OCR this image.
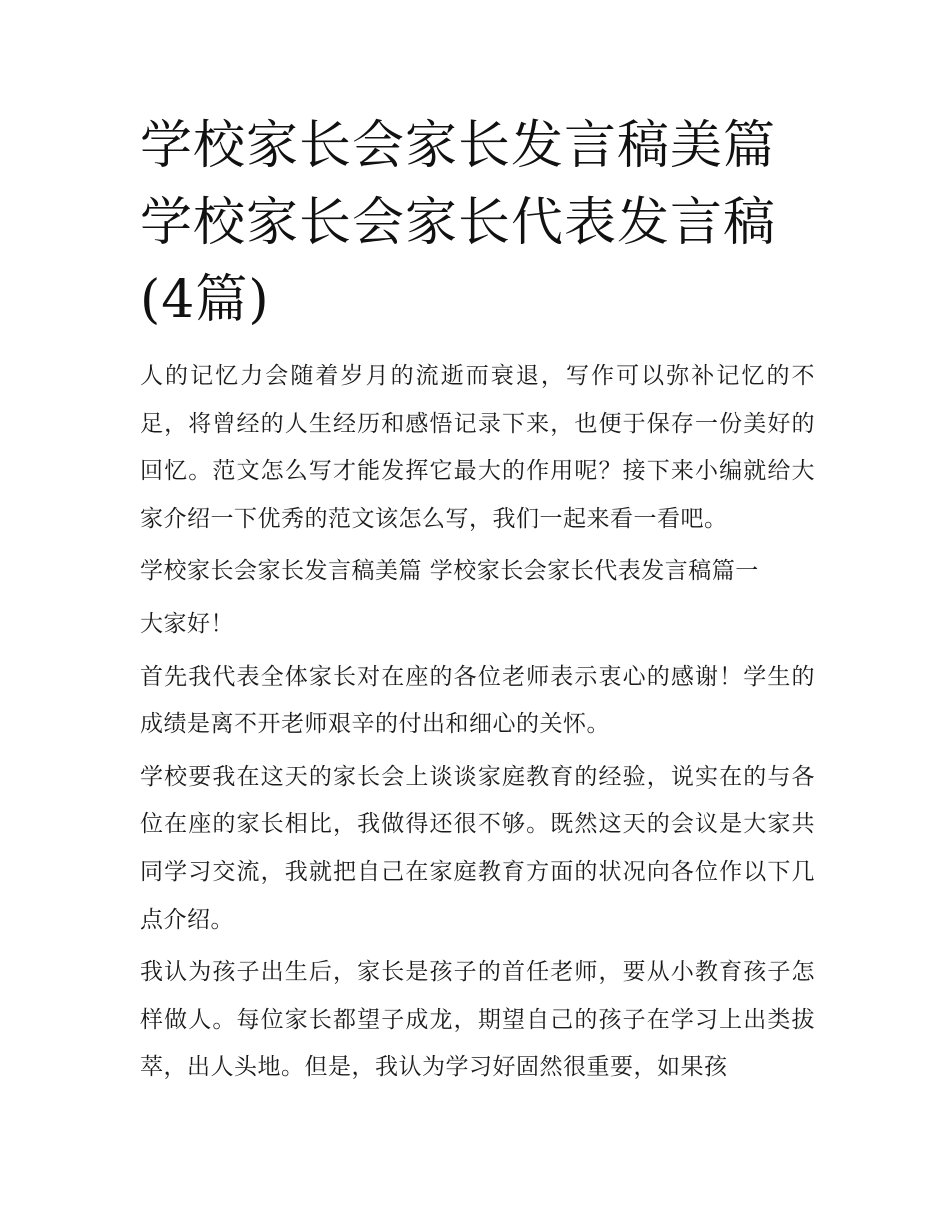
学校家长会家长发言稿美篇 学校家长会家长代表发言稿(4篇)

人的记忆力会随着岁月的流逝而衰退，写作可以弥补记忆的不足，将曾经的人生经历和感悟记录下来，也便于保存一份美好的回忆。范文怎么写才能发挥它最大的作用呢？接下来小编就给大家介绍一下优秀的范文该怎么写，我们一起来看一看吧。

学校家长会家长发言稿美篇 学校家长会家长代表发言稿篇一

大家好！

首先我代表全体家长对在座的各位老师表示衷心的感谢！学生的成绩是离不开老师艰辛的付出和细心的关怀。

学校要我在这天的家长会上谈谈家庭教育的经验，说实在的与各位在座的家长相比，我做得还很不够。既然这天的会议是大家共同学习交流，我就把自己在家庭教育方面的状况向各位作以下几点介绍。

我认为孩子出生后，家长是孩子的首任老师，要从小教育孩子怎样做人。每位家长都望子成龙，期望自己的孩子在学习上出类拔萃，出人头地。但是，我认为学习好固然很重要，如果孩
